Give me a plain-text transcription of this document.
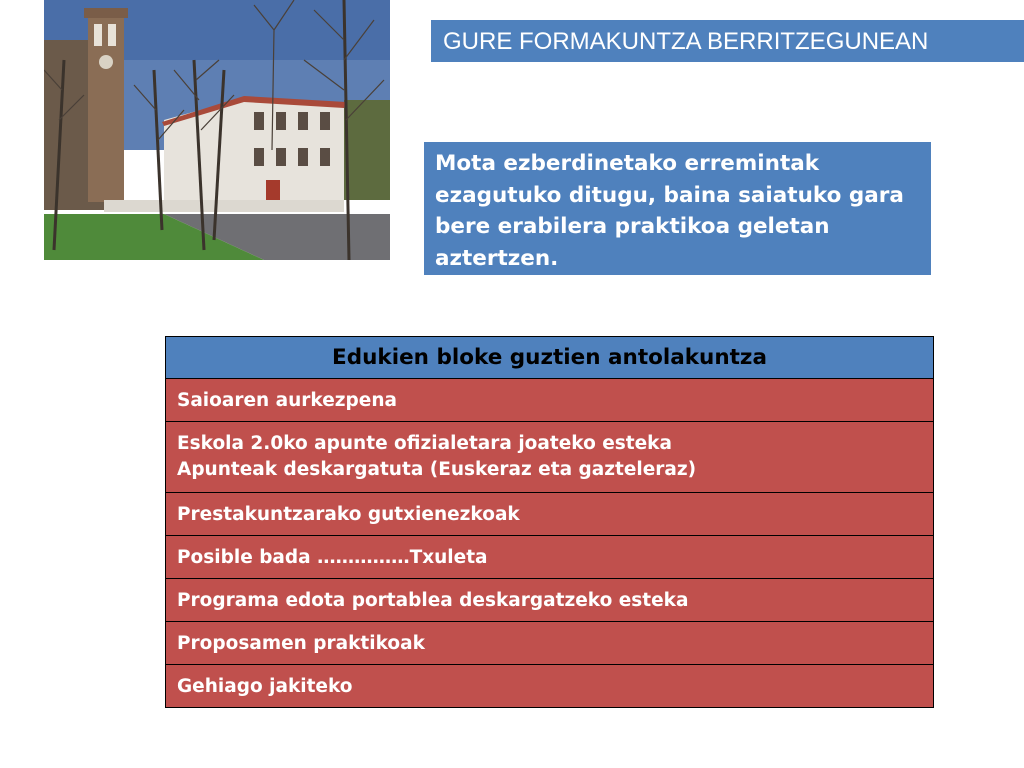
GURE FORMAKUNTZA BERRITZEGUNEAN
Mota ezberdinetako erremintak ezagutuko ditugu, baina saiatuko gara bere erabilera praktikoa geletan aztertzen.
Edukien bloke guztien antolakuntza

Saioaren aurkezpena

Eskola 2.0ko apunte ofizialetara joateko esteka
Apunteak deskargatuta (Euskeraz eta gazteleraz)

Prestakuntzarako gutxienezkoak

Posible bada ……………Txuleta

Programa edota portablea deskargatzeko esteka

Proposamen praktikoak

Gehiago jakiteko
